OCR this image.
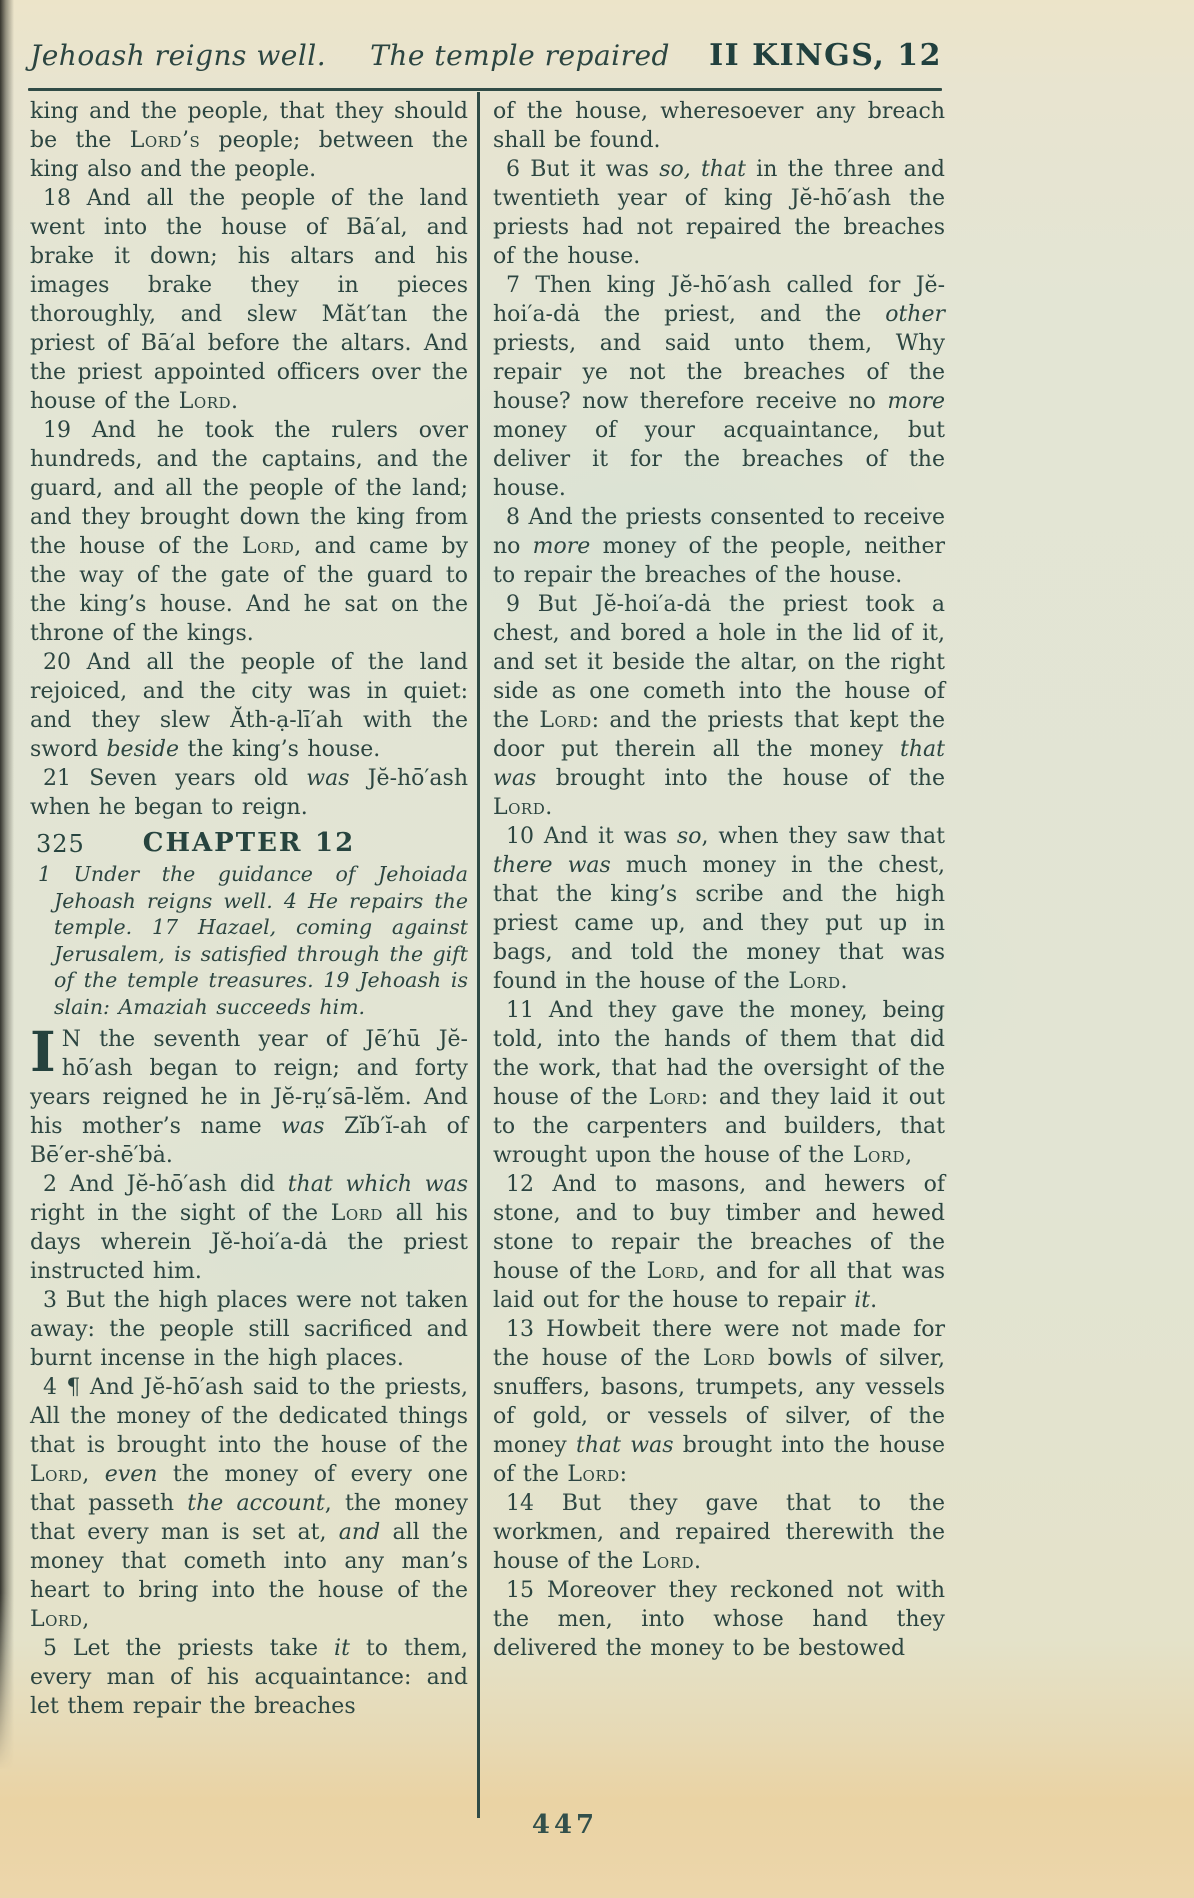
Jehoash reigns well. The temple repaired II KINGS, 12

king and the people, that they should be the Lord’s people; between the king also and the people.

18 And all the people of the land went into the house of Bā′al, and brake it down; his altars and his images brake they in pieces thoroughly, and slew Măt′tan the priest of Bā′al before the altars. And the priest appointed officers over the house of the Lord.

19 And he took the rulers over hundreds, and the captains, and the guard, and all the people of the land; and they brought down the king from the house of the Lord, and came by the way of the gate of the guard to the king’s house. And he sat on the throne of the kings.

20 And all the people of the land rejoiced, and the city was in quiet: and they slew Ăth-ạ-lī′ah with the sword beside the king’s house.

21 Seven years old was Jĕ-hō′ash when he began to reign.

325 CHAPTER 12

1 Under the guidance of Jehoiada Jehoash reigns well. 4 He repairs the temple. 17 Hazael, coming against Jerusalem, is satisfied through the gift of the temple treasures. 19 Jehoash is slain: Amaziah succeeds him.

I N the seventh year of Jē′hū Jĕ-hō′ash began to reign; and forty years reigned he in Jĕ-rṳ′sā-lĕm. And his mother’s name was Zĭb′ĭ-ah of Bē′er-shē′bȧ.

2 And Jĕ-hō′ash did that which was right in the sight of the Lord all his days wherein Jĕ-hoi′a-dȧ the priest instructed him.

3 But the high places were not taken away: the people still sacrificed and burnt incense in the high places.

4 ¶ And Jĕ-hō′ash said to the priests, All the money of the dedicated things that is brought into the house of the Lord, even the money of every one that passeth the account, the money that every man is set at, and all the money that cometh into any man’s heart to bring into the house of the Lord,

5 Let the priests take it to them, every man of his acquaintance: and let them repair the breaches

of the house, wheresoever any breach shall be found.

6 But it was so, that in the three and twentieth year of king Jĕ-hō′ash the priests had not repaired the breaches of the house.

7 Then king Jĕ-hō′ash called for Jĕ-hoi′a-dȧ the priest, and the other priests, and said unto them, Why repair ye not the breaches of the house? now therefore receive no more money of your acquaintance, but deliver it for the breaches of the house.

8 And the priests consented to receive no more money of the people, neither to repair the breaches of the house.

9 But Jĕ-hoi′a-dȧ the priest took a chest, and bored a hole in the lid of it, and set it beside the altar, on the right side as one cometh into the house of the Lord: and the priests that kept the door put therein all the money that was brought into the house of the Lord.

10 And it was so, when they saw that there was much money in the chest, that the king’s scribe and the high priest came up, and they put up in bags, and told the money that was found in the house of the Lord.

11 And they gave the money, being told, into the hands of them that did the work, that had the oversight of the house of the Lord: and they laid it out to the carpenters and builders, that wrought upon the house of the Lord,

12 And to masons, and hewers of stone, and to buy timber and hewed stone to repair the breaches of the house of the Lord, and for all that was laid out for the house to repair it.

13 Howbeit there were not made for the house of the Lord bowls of silver, snuffers, basons, trumpets, any vessels of gold, or vessels of silver, of the money that was brought into the house of the Lord:

14 But they gave that to the workmen, and repaired therewith the house of the Lord.

15 Moreover they reckoned not with the men, into whose hand they delivered the money to be bestowed

447
